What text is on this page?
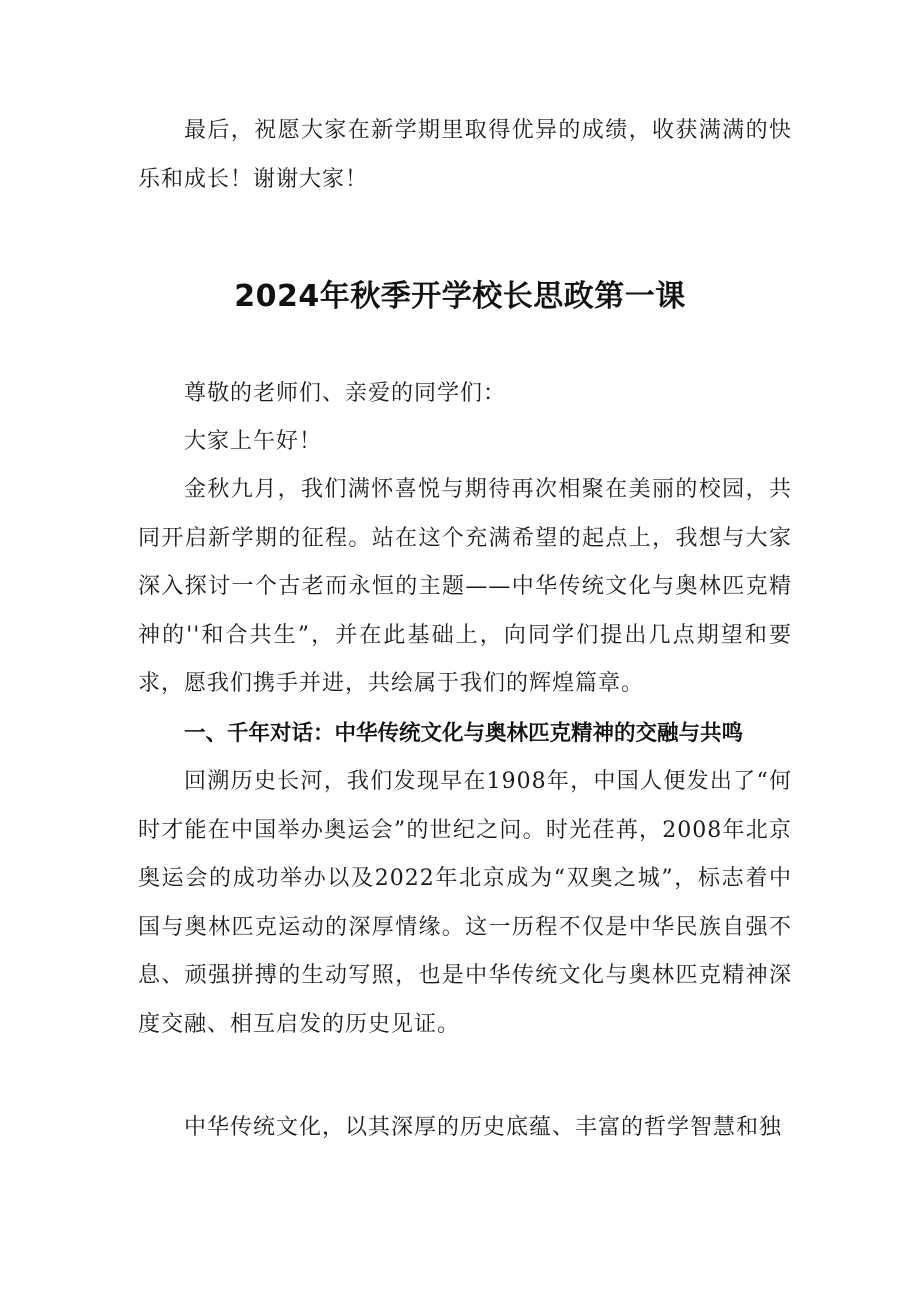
最后，祝愿大家在新学期里取得优异的成绩，收获满满的快乐和成长！谢谢大家！

2024年秋季开学校长思政第一课

尊敬的老师们、亲爱的同学们：

大家上午好！

金秋九月，我们满怀喜悦与期待再次相聚在美丽的校园，共同开启新学期的征程。站在这个充满希望的起点上，我想与大家深入探讨一个古老而永恒的主题——中华传统文化与奥林匹克精神的''和合共生”，并在此基础上，向同学们提出几点期望和要求，愿我们携手并进，共绘属于我们的辉煌篇章。

一、千年对话：中华传统文化与奥林匹克精神的交融与共鸣

回溯历史长河，我们发现早在1908年，中国人便发出了“何时才能在中国举办奥运会”的世纪之问。时光荏苒，2008年北京奥运会的成功举办以及2022年北京成为“双奥之城”，标志着中国与奥林匹克运动的深厚情缘。这一历程不仅是中华民族自强不息、顽强拼搏的生动写照，也是中华传统文化与奥林匹克精神深度交融、相互启发的历史见证。

中华传统文化，以其深厚的历史底蕴、丰富的哲学智慧和独
